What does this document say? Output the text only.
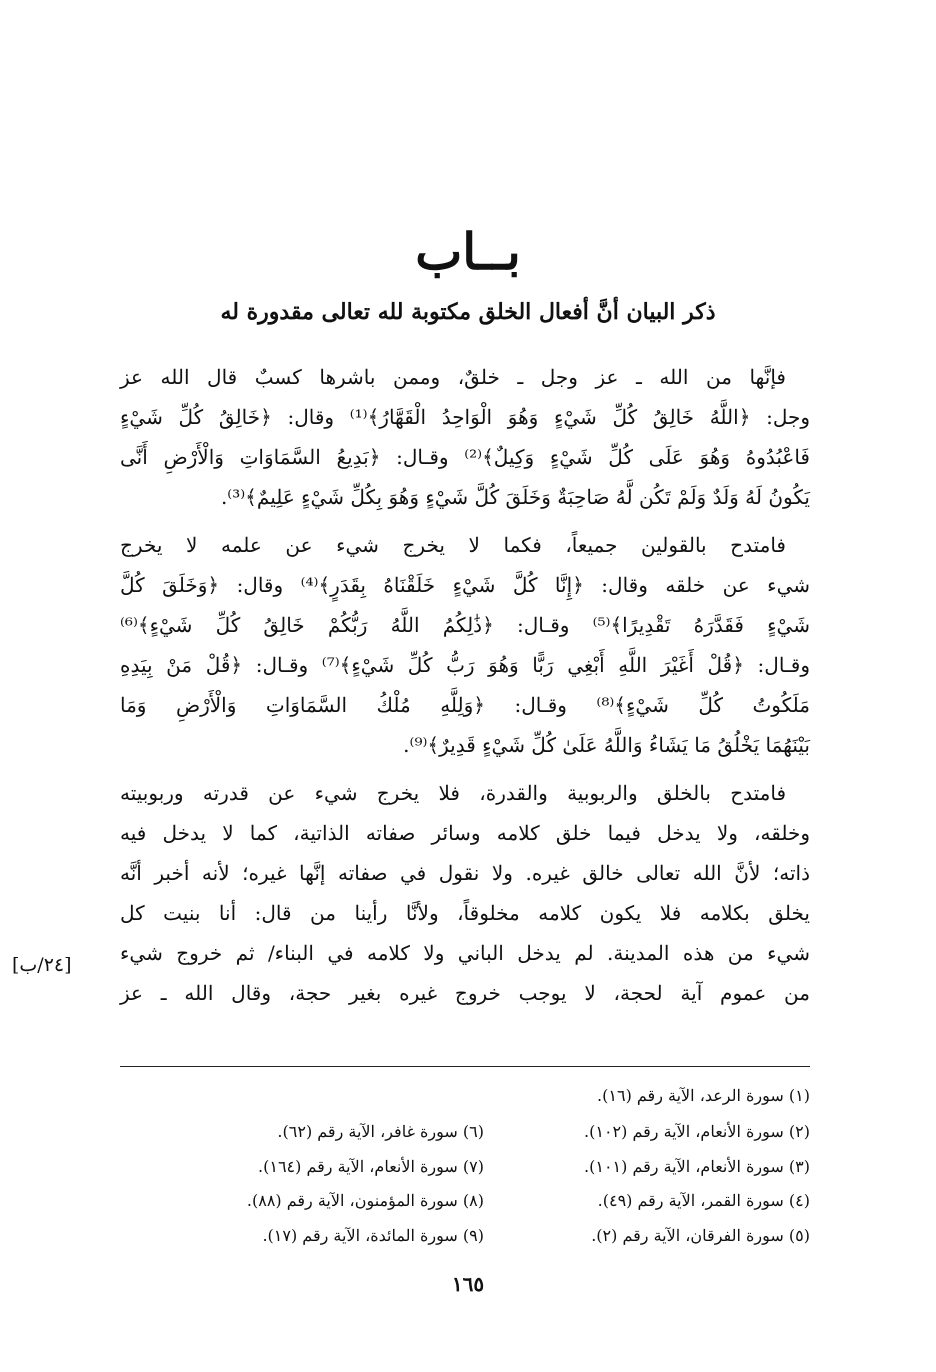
بــاب
ذكر البيان أنَّ أفعال الخلق مكتوبة لله تعالى مقدورة له
فإنَّها من الله ـ عز وجل ـ خلقٌ، وممن باشرها كسبٌ قال الله عز
وجل: ﴿اللَّهُ خَالِقُ كُلِّ شَيْءٍ وَهُوَ الْوَاحِدُ الْقَهَّارُ﴾⁽¹⁾ وقال: ﴿خَالِقُ كُلِّ شَيْءٍ
فَاعْبُدُوهُ وَهُوَ عَلَى كُلِّ شَيْءٍ وَكِيلٌ﴾⁽²⁾ وقـال: ﴿بَدِيعُ السَّمَاوَاتِ وَالْأَرْضِ أَنَّى
يَكُونُ لَهُ وَلَدٌ وَلَمْ تَكُن لَّهُ صَاحِبَةٌ وَخَلَقَ كُلَّ شَيْءٍ وَهُوَ بِكُلِّ شَيْءٍ عَلِيمٌ﴾⁽³⁾.
فامتدح بالقولين جميعاً، فكما لا يخرج شيء عن علمه لا يخرج
شيء عن خلقه وقال: ﴿إِنَّا كُلَّ شَيْءٍ خَلَقْنَاهُ بِقَدَرٍ﴾⁽⁴⁾ وقال: ﴿وَخَلَقَ كُلَّ
شَيْءٍ فَقَدَّرَهُ تَقْدِيرًا﴾⁽⁵⁾ وقـال: ﴿ذَٰلِكُمُ اللَّهُ رَبُّكُمْ خَالِقُ كُلِّ شَيْءٍ﴾⁽⁶⁾
وقـال: ﴿قُلْ أَغَيْرَ اللَّهِ أَبْغِي رَبًّا وَهُوَ رَبُّ كُلِّ شَيْءٍ﴾⁽⁷⁾ وقـال: ﴿قُلْ مَنْ بِيَدِهِ
مَلَكُوتُ كُلِّ شَيْءٍ﴾⁽⁸⁾ وقـال: ﴿وَلِلَّهِ مُلْكُ السَّمَاوَاتِ وَالْأَرْضِ وَمَا
بَيْنَهُمَا يَخْلُقُ مَا يَشَاءُ وَاللَّهُ عَلَىٰ كُلِّ شَيْءٍ قَدِيرٌ﴾⁽⁹⁾.
فامتدح بالخلق والربوبية والقدرة، فلا يخرج شيء عن قدرته وربوبيته
وخلقه، ولا يدخل فيما خلق كلامه وسائر صفاته الذاتية، كما لا يدخل فيه
ذاته؛ لأنَّ الله تعالى خالق غيره. ولا نقول في صفاته إنَّها غيره؛ لأنه أخبر أنَّه
يخلق بكلامه فلا يكون كلامه مخلوقاً، ولأنَّا رأينا من قال: أنا بنيت كل
شيء من هذه المدينة. لم يدخل الباني ولا كلامه في البناء/ ثم خروج شيء
من عموم آية لحجة، لا يوجب خروج غيره بغير حجة، وقال الله ـ عز
[٢٤/ب]
(١) سورة الرعد، الآية رقم (١٦).
(٢) سورة الأنعام، الآية رقم (١٠٢).
(٣) سورة الأنعام، الآية رقم (١٠١).
(٤) سورة القمر، الآية رقم (٤٩).
(٥) سورة الفرقان، الآية رقم (٢).
(٦) سورة غافر، الآية رقم (٦٢).
(٧) سورة الأنعام، الآية رقم (١٦٤).
(٨) سورة المؤمنون، الآية رقم (٨٨).
(٩) سورة المائدة، الآية رقم (١٧).
١٦٥
